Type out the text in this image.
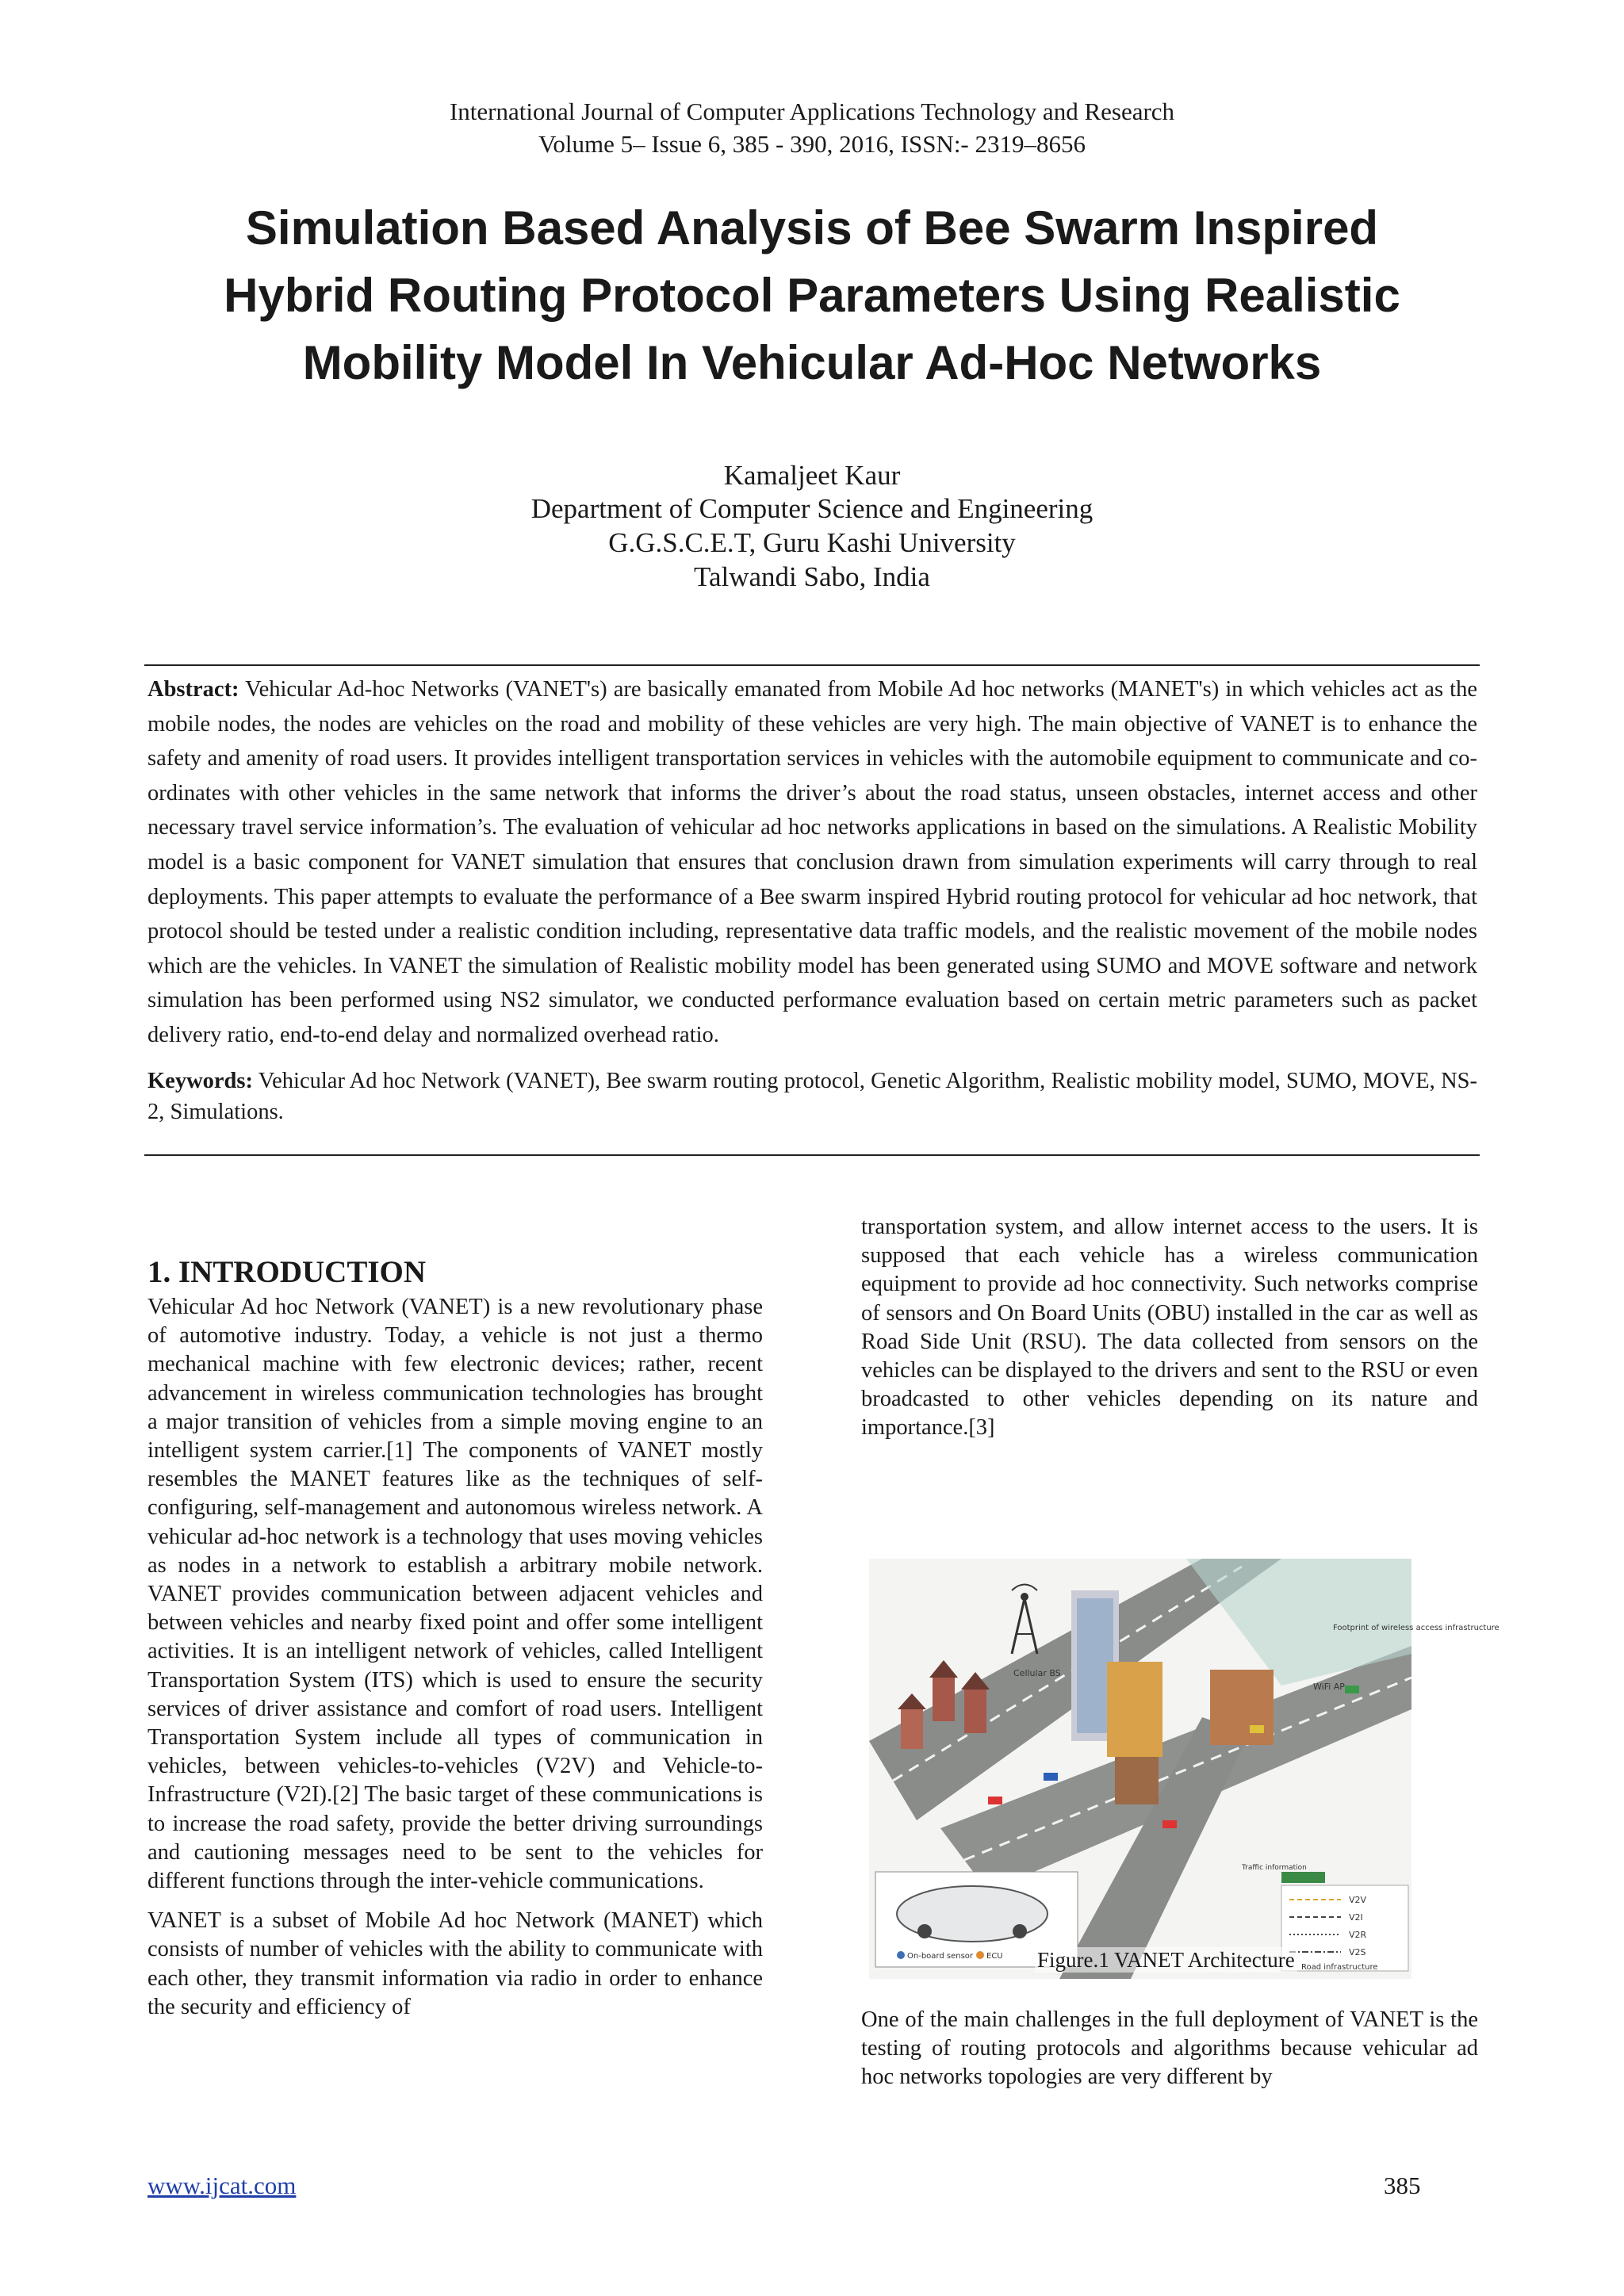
International Journal of Computer Applications Technology and Research
Volume 5– Issue 6, 385 - 390, 2016, ISSN:- 2319–8656
Simulation Based Analysis of Bee Swarm Inspired
Hybrid Routing Protocol Parameters Using Realistic
Mobility Model In Vehicular Ad-Hoc Networks
Kamaljeet Kaur
Department of Computer Science and Engineering
G.G.S.C.E.T, Guru Kashi University
Talwandi Sabo, India

Abstract: Vehicular Ad-hoc Networks (VANET's) are basically emanated from Mobile Ad hoc networks (MANET's) in which vehicles act as the mobile nodes, the nodes are vehicles on the road and mobility of these vehicles are very high. The main objective of VANET is to enhance the safety and amenity of road users. It provides intelligent transportation services in vehicles with the automobile equipment to communicate and co-ordinates with other vehicles in the same network that informs the driver’s about the road status, unseen obstacles, internet access and other necessary travel service information’s. The evaluation of vehicular ad hoc networks applications in based on the simulations. A Realistic Mobility model is a basic component for VANET simulation that ensures that conclusion drawn from simulation experiments will carry through to real deployments. This paper attempts to evaluate the performance of a Bee swarm inspired Hybrid routing protocol for vehicular ad hoc network, that protocol should be tested under a realistic condition including, representative data traffic models, and the realistic movement of the mobile nodes which are the vehicles. In VANET the simulation of Realistic mobility model has been generated using SUMO and MOVE software and network simulation has been performed using NS2 simulator, we conducted performance evaluation based on certain metric parameters such as packet delivery ratio, end-to-end delay and normalized overhead ratio.

Keywords: Vehicular Ad hoc Network (VANET), Bee swarm routing protocol, Genetic Algorithm, Realistic mobility model, SUMO, MOVE, NS-2, Simulations.

1. INTRODUCTION

Vehicular Ad hoc Network (VANET) is a new revolutionary phase of automotive industry. Today, a vehicle is not just a thermo mechanical machine with few electronic devices; rather, recent advancement in wireless communication technologies has brought a major transition of vehicles from a simple moving engine to an intelligent system carrier.[1] The components of VANET mostly resembles the MANET features like as the techniques of self-configuring, self-management and autonomous wireless network. A vehicular ad-hoc network is a technology that uses moving vehicles as nodes in a network to establish a arbitrary mobile network. VANET provides communication between adjacent vehicles and between vehicles and nearby fixed point and offer some intelligent activities. It is an intelligent network of vehicles, called Intelligent Transportation System (ITS) which is used to ensure the security services of driver assistance and comfort of road users. Intelligent Transportation System include all types of communication in vehicles, between vehicles-to-vehicles (V2V) and Vehicle-to-Infrastructure (V2I).[2] The basic target of these communications is to increase the road safety, provide the better driving surroundings and cautioning messages need to be sent to the vehicles for different functions through the inter-vehicle communications.

VANET is a subset of Mobile Ad hoc Network (MANET) which consists of number of vehicles with the ability to communicate with each other, they transmit information via radio in order to enhance the security and efficiency of

transportation system, and allow internet access to the users. It is supposed that each vehicle has a wireless communication equipment to provide ad hoc connectivity. Such networks comprise of sensors and On Board Units (OBU) installed in the car as well as Road Side Unit (RSU). The data collected from sensors on the vehicles can be displayed to the drivers and sent to the RSU or even broadcasted to other vehicles depending on its nature and importance.[3]

Cellular BS
Footprint of wireless access infrastructure
WiFi AP
On-board sensor ECU
V2V
V2I
V2R
V2S
Road infrastructure
Traffic information
Figure.1 VANET Architecture

One of the main challenges in the full deployment of VANET is the testing of routing protocols and algorithms because vehicular ad hoc networks topologies are very different by

www.ijcat.com	385
